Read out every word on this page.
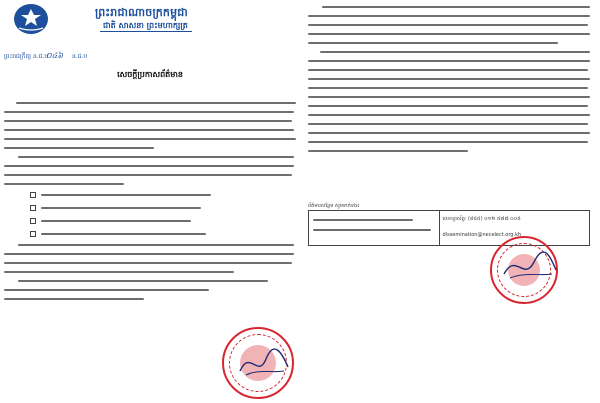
ព្រះរាជាណាចក្រកម្ពុជា
ជាតិ សាសនា ព្រះមហាក្សត្រ
ព្រះរាជក្រឹត្យ ន.ជ.ប
០៤៦ ន.ជ.ប
សេចក្តីប្រកាសព័ត៌មាន
ព័ត៌មានបន្ថែម សូមទាក់ទង៖
លេខទូរស័ព្ទ: (៨៥៥) ០១២ ៥៧៧ ០០៥
dissemination@necelect.org.kh
